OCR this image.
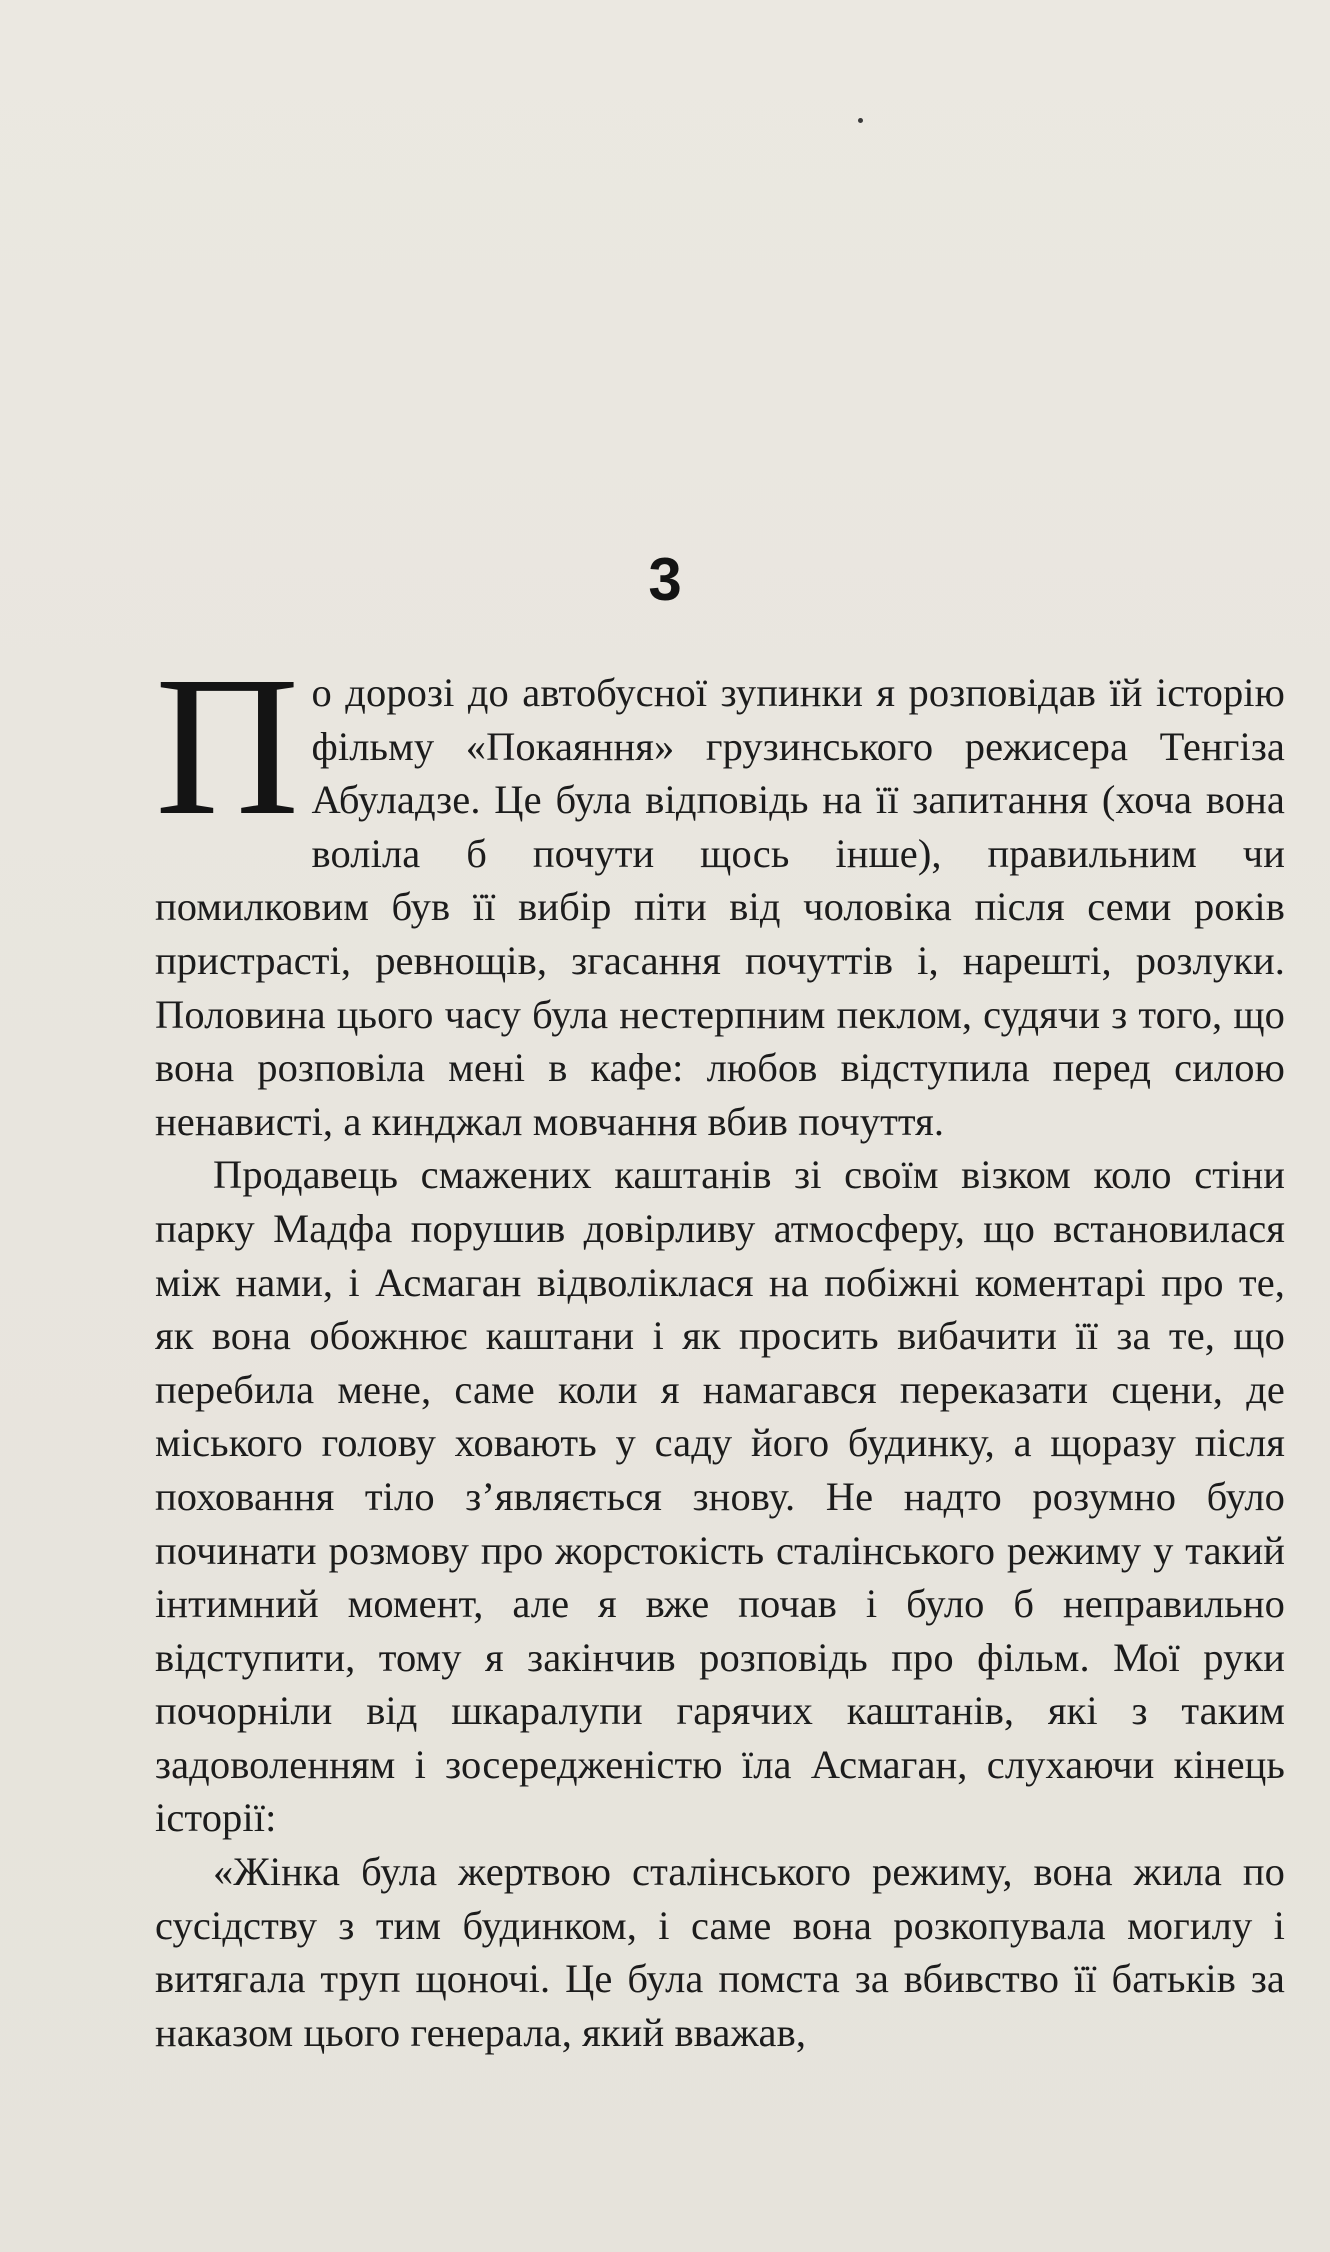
3

По дорозі до автобусної зупинки я розповідав їй історію фільму «Покаяння» грузинського режисера Тенгіза Абуладзе. Це була відповідь на її запитання (хоча вона воліла б почути щось інше), правильним чи помилковим був її вибір піти від чоловіка після семи років пристрасті, ревнощів, згасання почуттів і, нарешті, розлуки. Половина цього часу була нестерпним пеклом, судячи з того, що вона розповіла мені в кафе: любов відступила перед силою ненависті, а кинджал мовчання вбив почуття.

Продавець смажених каштанів зі своїм візком коло стіни парку Мадфа порушив довірливу атмосферу, що встановилася між нами, і Асмаган відволіклася на побіжні коментарі про те, як вона обожнює каштани і як просить вибачити її за те, що перебила мене, саме коли я намагався переказати сцени, де міського голову ховають у саду його будинку, а щоразу після поховання тіло з’являється знову. Не надто розумно було починати розмову про жорстокість сталінського режиму у такий інтимний момент, але я вже почав і було б неправильно відступити, тому я закінчив розповідь про фільм. Мої руки почорніли від шкаралупи гарячих каштанів, які з таким задоволенням і зосередженістю їла Асмаган, слухаючи кінець історії:

«Жінка була жертвою сталінського режиму, вона жила по сусідству з тим будинком, і саме вона розкопувала могилу і витягала труп щоночі. Це була помста за вбивство її батьків за наказом цього генерала, який вважав,
